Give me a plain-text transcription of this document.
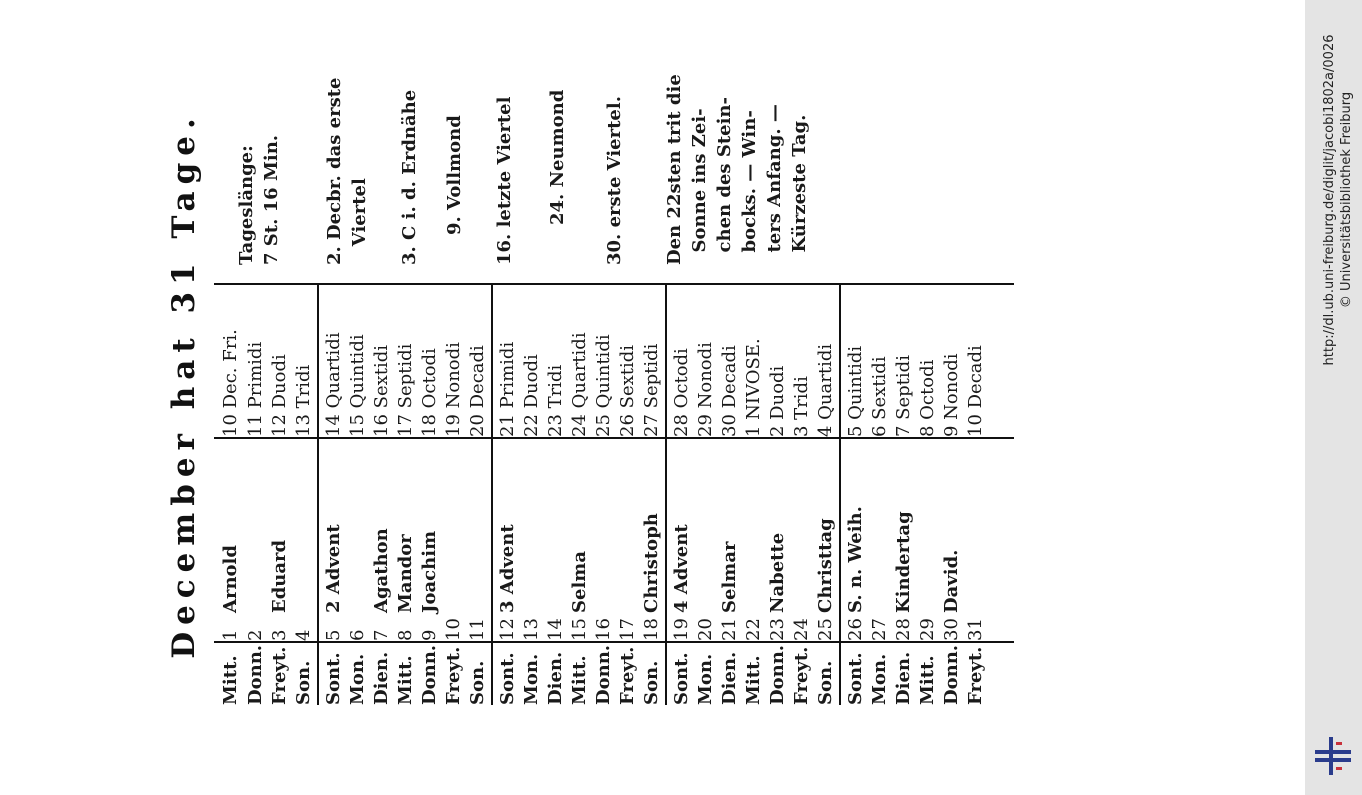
December hat 31 Tage.
Mitt.
1
Arnold
10 Dec. Fri.
Donn.
2
11 Primidi
Freyt.
3
Eduard
12 Duodi
Son.
4
13 Tridi
Sont.
5
2 Advent
14 Quartidi
Mon.
6
15 Quintidi
Dien.
7
Agathon
16 Sextidi
Mitt.
8
Mandor
17 Septidi
Donn.
9
Joachim
18 Octodi
Freyt.
10
19 Nonodi
Son.
11
20 Decadi
Sont.
12
3 Advent
21 Primidi
Mon.
13
22 Duodi
Dien.
14
23 Tridi
Mitt.
15
Selma
24 Quartidi
Donn.
16
25 Quintidi
Freyt.
17
26 Sextidi
Son.
18
Christoph
27 Septidi
Sont.
19
4 Advent
28 Octodi
Mon.
20
29 Nonodi
Dien.
21
Selmar
30 Decadi
Mitt.
22
1 NIVOSE.
Donn.
23
Nabette
2 Duodi
Freyt.
24
3 Tridi
Son.
25
Christtag
4 Quartidi
Sont.
26
S. n. Weih.
5 Quintidi
Mon.
27
6 Sextidi
Dien.
28
Kindertag
7 Septidi
Mitt.
29
8 Octodi
Donn.
30
David.
9 Nonodi
Freyt.
31
10 Decadi
Tageslänge:
7 St. 16 Min.
2. Decbr. das erste
Viertel 3. C i. d. Erdnähe 9. Vollmond 16. letzte Viertel 24. Neumond 30. erste Viertel. Den 22sten trit die
Sonne ins Zei-
chen des Stein-
bocks. — Win-
ters Anfang. —
Kürzeste Tag.	http://dl.ub.uni-freiburg.de/diglit/jacobi1802a/0026 © Universitätsbibliothek Freiburg
